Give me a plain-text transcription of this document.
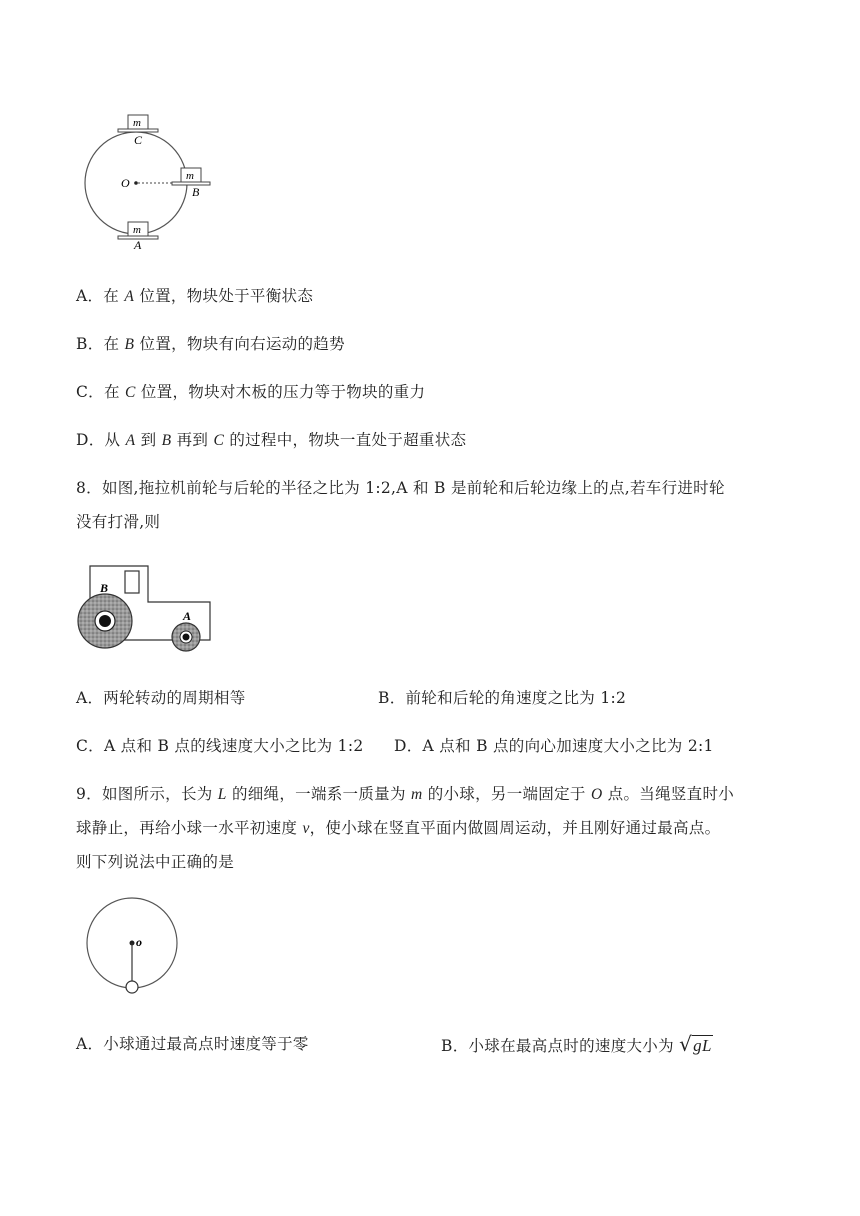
m
C
O	m
B
m
A
A．在 A 位置，物块处于平衡状态
B．在 B 位置，物块有向右运动的趋势
C．在 C 位置，物块对木板的压力等于物块的重力
D．从 A 到 B 再到 C 的过程中，物块一直处于超重状态
8．如图,拖拉机前轮与后轮的半径之比为 1:2,A 和 B 是前轮和后轮边缘上的点,若车行进时轮
没有打滑,则
B
A
A．两轮转动的周期相等	B．前轮和后轮的角速度之比为 1:2
C．A 点和 B 点的线速度大小之比为 1:2 D．A 点和 B 点的向心加速度大小之比为 2:1
9．如图所示，长为 L 的细绳，一端系一质量为 m 的小球，另一端固定于 O 点。当绳竖直时小
球静止，再给小球一水平初速度 v，使小球在竖直平面内做圆周运动，并且刚好通过最高点。
则下列说法中正确的是
o
A．小球通过最高点时速度等于零	B．小球在最高点时的速度大小为 √gL
